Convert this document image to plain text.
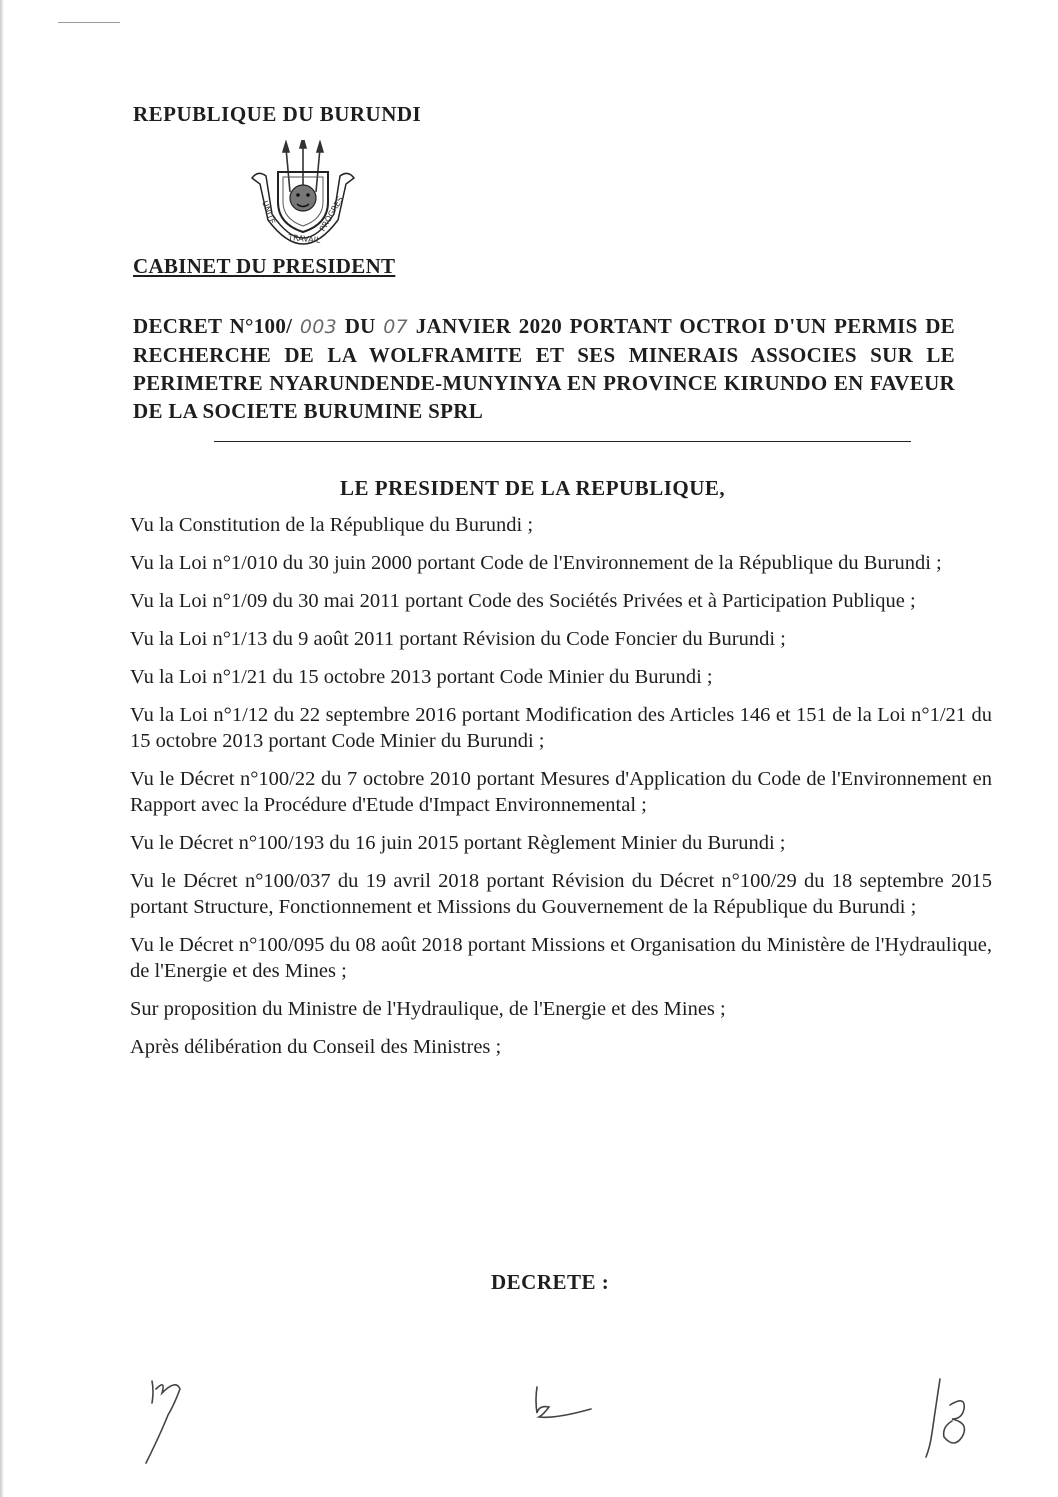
REPUBLIQUE DU BURUNDI
UNITE
TRAVAIL
PROGRES
CABINET DU PRESIDENT
DECRET N°100/ 003 DU 07 JANVIER 2020 PORTANT OCTROI D'UN PERMIS DE RECHERCHE DE LA WOLFRAMITE ET SES MINERAIS ASSOCIES SUR LE PERIMETRE NYARUNDENDE-MUNYINYA EN PROVINCE KIRUNDO EN FAVEUR DE LA SOCIETE BURUMINE SPRL
LE PRESIDENT DE LA REPUBLIQUE,

Vu la Constitution de la République du Burundi ;

Vu la Loi n°1/010 du 30 juin 2000 portant Code de l'Environnement de la République du Burundi ;

Vu la Loi n°1/09 du 30 mai 2011 portant Code des Sociétés Privées et à Participation Publique ;

Vu la Loi n°1/13 du 9 août 2011 portant Révision du Code Foncier du Burundi ;

Vu la Loi n°1/21 du 15 octobre 2013 portant Code Minier du Burundi ;

Vu la Loi n°1/12 du 22 septembre 2016 portant Modification des Articles 146 et 151 de la Loi n°1/21 du 15 octobre 2013 portant Code Minier du Burundi ;

Vu le Décret n°100/22 du 7 octobre 2010 portant Mesures d'Application du Code de l'Environnement en Rapport avec la Procédure d'Etude d'Impact Environnemental ;

Vu le Décret n°100/193 du 16 juin 2015 portant Règlement Minier du Burundi ;

Vu le Décret n°100/037 du 19 avril 2018 portant Révision du Décret n°100/29 du 18 septembre 2015 portant Structure, Fonctionnement et Missions du Gouvernement de la République du Burundi ;

Vu le Décret n°100/095 du 08 août 2018 portant Missions et Organisation du Ministère de l'Hydraulique, de l'Energie et des Mines ;

Sur proposition du Ministre de l'Hydraulique, de l'Energie et des Mines ;

Après délibération du Conseil des Ministres ;

DECRETE :
